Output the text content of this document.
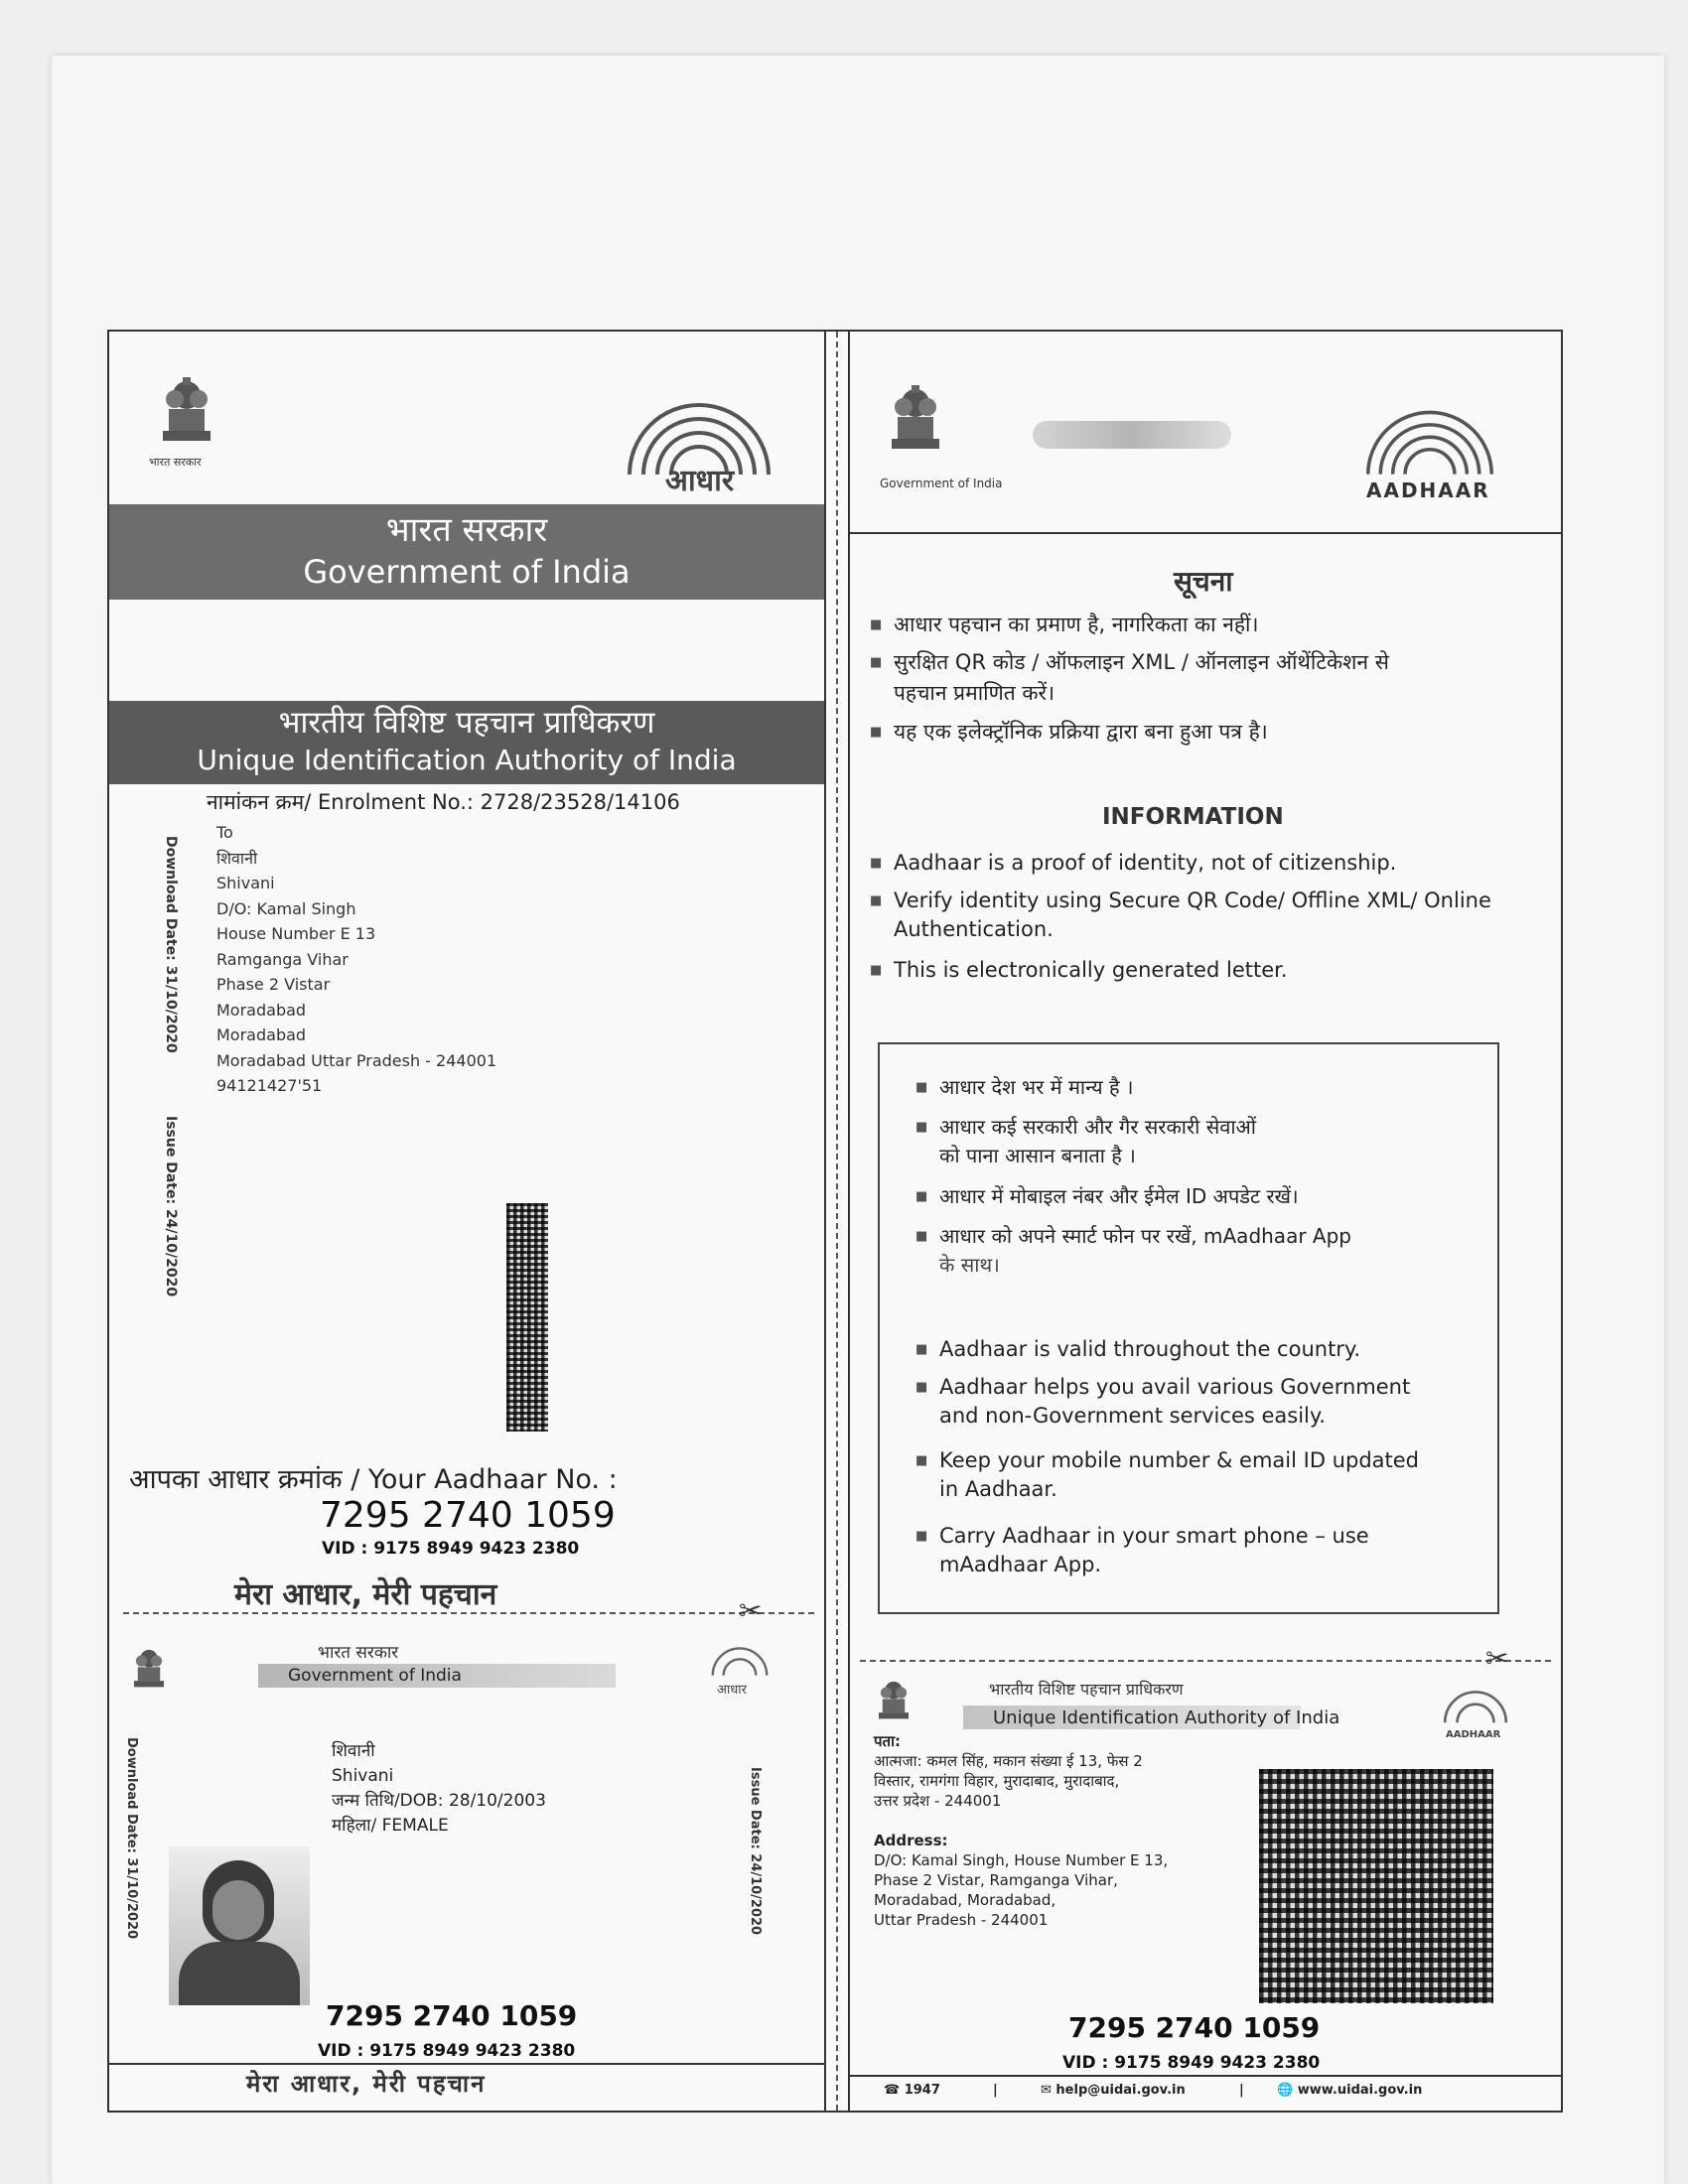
भारत सरकार
आधार
भारत सरकार
Government of India
भारतीय विशिष्ट पहचान प्राधिकरण
Unique Identification Authority of India
नामांकन क्रम/ Enrolment No.: 2728/23528/14106
To
शिवानी
Shivani
D/O: Kamal Singh
House Number E 13
Ramganga Vihar
Phase 2 Vistar
Moradabad
Moradabad
Moradabad Uttar Pradesh - 244001
94121427'51
Download Date: 31/10/2020
Issue Date: 24/10/2020
आपका आधार क्रमांक / Your Aadhaar No. :
7295 2740 1059
VID : 9175 8949 9423 2380
मेरा आधार, मेरी पहचान
Government of India	AADHAAR
सूचना
■ आधार पहचान का प्रमाण है, नागरिकता का नहीं।
■ सुरक्षित QR कोड / ऑफलाइन XML / ऑनलाइन ऑथेंटिकेशन से
पहचान प्रमाणित करें।
■ यह एक इलेक्ट्रॉनिक प्रक्रिया द्वारा बना हुआ पत्र है।
INFORMATION
■ Aadhaar is a proof of identity, not of citizenship.
■ Verify identity using Secure QR Code/ Offline XML/ Online
Authentication.
■ This is electronically generated letter.
■ आधार देश भर में मान्य है ।
■ आधार कई सरकारी और गैर सरकारी सेवाओं
को पाना आसान बनाता है ।
■ आधार में मोबाइल नंबर और ईमेल ID अपडेट रखें।
■ आधार को अपने स्मार्ट फोन पर रखें, mAadhaar App
के साथ।
■ Aadhaar is valid throughout the country.
■ Aadhaar helps you avail various Government
and non-Government services easily.
■ Keep your mobile number & email ID updated
in Aadhaar.
■ Carry Aadhaar in your smart phone – use
mAadhaar App.
✂
✂
भारत सरकार
Government of India
आधार
Download Date: 31/10/2020	Issue Date: 24/10/2020
शिवानी
Shivani
जन्म तिथि/DOB: 28/10/2003
महिला/ FEMALE
7295 2740 1059
VID : 9175 8949 9423 2380
मेरा आधार, मेरी पहचान
भारतीय विशिष्ट पहचान प्राधिकरण
Unique Identification Authority of India
AADHAAR
पता:
आत्मजा: कमल सिंह, मकान संख्या ई 13, फेस 2
विस्तार, रामगंगा विहार, मुरादाबाद, मुरादाबाद,
उत्तर प्रदेश - 244001
Address:
D/O: Kamal Singh, House Number E 13,
Phase 2 Vistar, Ramganga Vihar,
Moradabad, Moradabad,
Uttar Pradesh - 244001
7295 2740 1059
VID : 9175 8949 9423 2380
☎ 1947	|	✉ help@uidai.gov.in	|	🌐 www.uidai.gov.in
